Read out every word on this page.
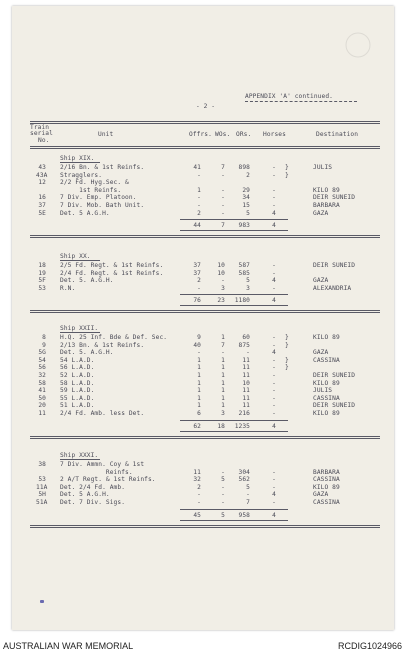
APPENDIX 'A' continued.
- 2 -
Train
serial
No.
Unit	Offrs. WOs. ORs. Horses	Destination
Ship XIX.
43 2/16 Bn. & 1st Reinfs.	41	7	898	- }	JULIS
43A Stragglers.	-	-	2	- }
12 2/2 Fd. Hyg.Sec. &
1st Reinfs.	1	-	29	-	KILO 89
16 7 Div. Emp. Platoon.	-	-	34	-	DEIR SUNEID
37 7 Div. Mob. Bath Unit.	-	-	15	-	BARBARA
5E Det. 5 A.G.H.	2	-	5	4	GAZA
44	7	983	4
Ship XX.
18 2/5 Fd. Regt. & 1st Reinfs.	37	10	587	-	DEIR SUNEID
19 2/4 Fd. Regt. & 1st Reinfs.	37	10	585	-
5F Det. 5. A.G.H.	2	-	5	4	GAZA
53 R.N.	-	3	3	-	ALEXANDRIA
76	23	1180	4
Ship XXII.
8 H.Q. 25 Inf. Bde & Def. Sec.	9	1	60	- }	KILO 89
9 2/13 Bn. & 1st Reinfs.	40	7	875	- }
5G Det. 5. A.G.H.	-	-	-	4	GAZA
54 54 L.A.D.	1	1	11	- }	CASSINA
56 56 L.A.D.	1	1	11	- }
32 52 L.A.D.	1	1	11	-	DEIR SUNEID
58 58 L.A.D.	1	1	10	-	KILO 89
41 59 L.A.D.	1	1	11	-	JULIS
50 55 L.A.D.	1	1	11	-	CASSINA
20 51 L.A.D.	1	1	11	-	DEIR SUNEID
11 2/4 Fd. Amb. less Det.	6	3	216	-	KILO 89
62	18	1235	4
Ship XXXI.
38 7 Div. Ammn. Coy & 1st
Reinfs.	11	-	304	-	BARBARA
53 2 A/T Regt. & 1st Reinfs.	32	5	562	-	CASSINA
11A Det. 2/4 Fd. Amb.	2	-	5	-	KILO 89
5H Det. 5 A.G.H.	-	-	-	4	GAZA
51A Det. 7 Div. Sigs.	-	-	7	-	CASSINA
45	5	958	4
AUSTRALIAN WAR MEMORIAL	RCDIG1024966
